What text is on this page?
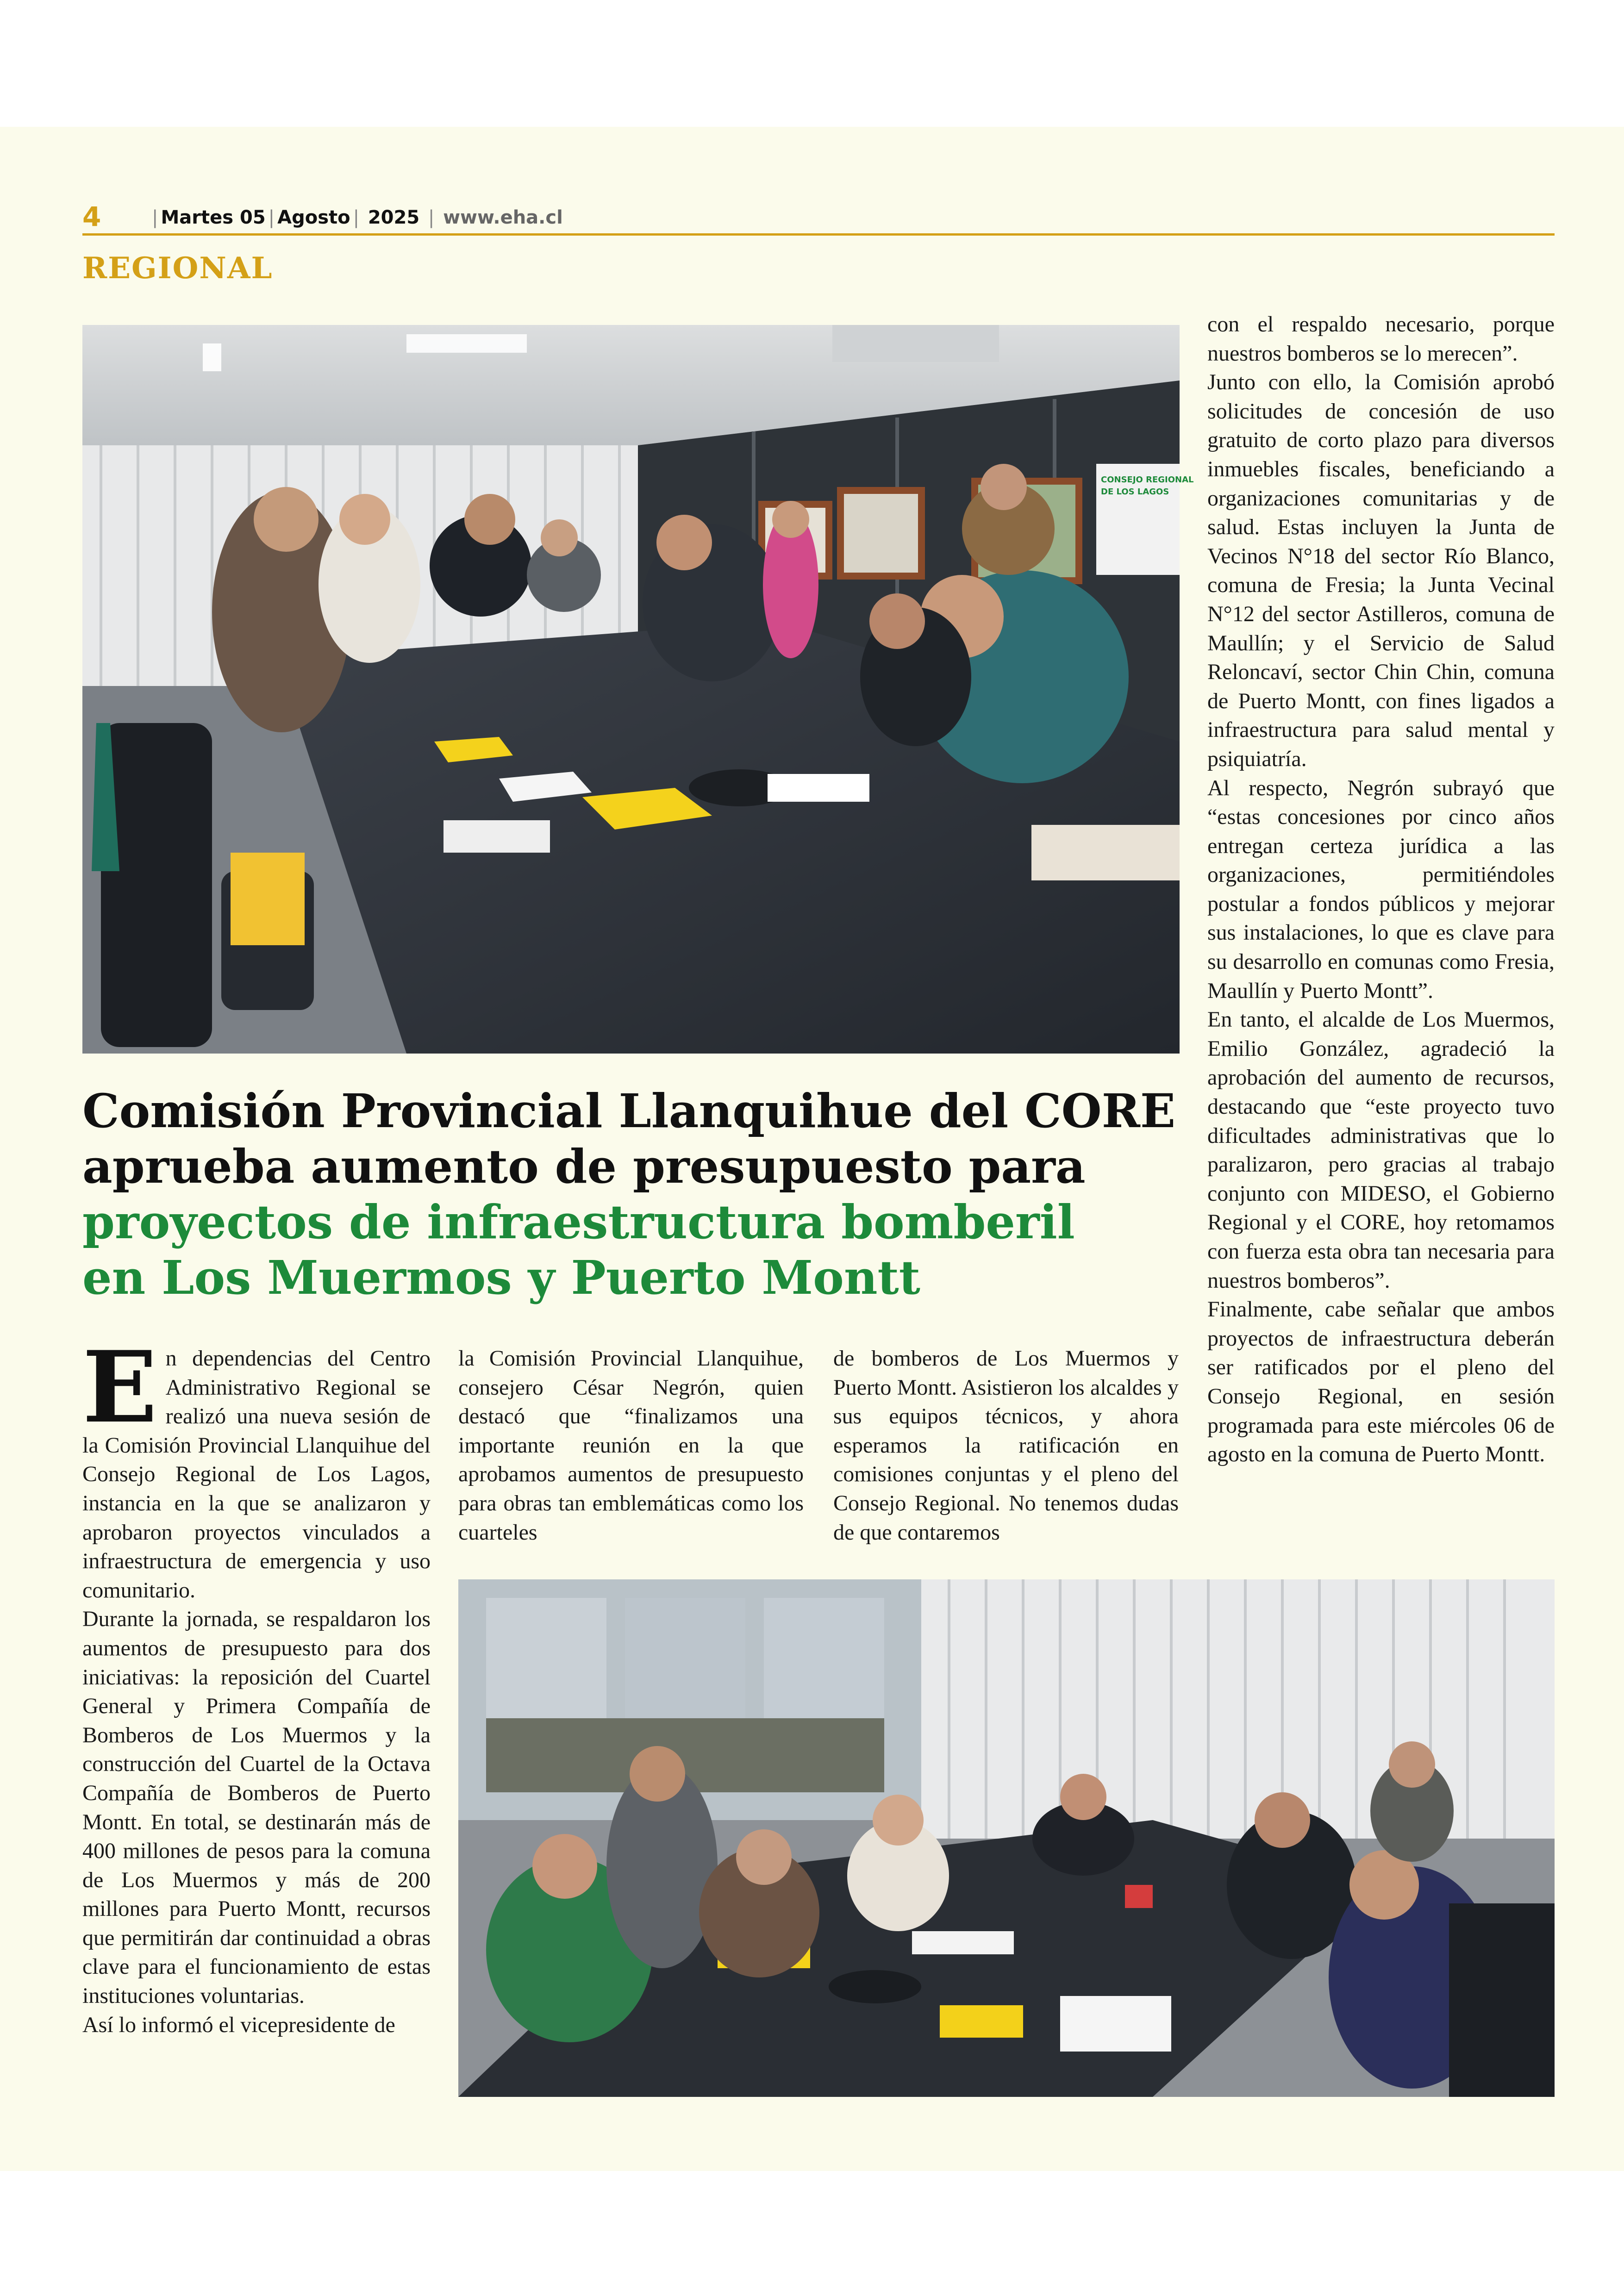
4	| Martes 05 | Agosto | 2025 | www.eha.cl
REGIONAL
CONSEJO REGIONAL
DE LOS LAGOS
Comisión Provincial Llanquihue del CORE
aprueba aumento de presupuesto para
proyectos de infraestructura bomberil
en Los Muermos y Puerto Montt

En dependencias del Centro Administrativo Regional se realizó una nueva sesión de la Comisión Provincial Llanquihue del Consejo Regional de Los Lagos, instancia en la que se analizaron y aprobaron proyectos vinculados a infraestructura de emergencia y uso comunitario.

Durante la jornada, se respaldaron los aumentos de presupuesto para dos iniciativas: la reposición del Cuartel General y Primera Compañía de Bomberos de Los Muermos y la construcción del Cuartel de la Octava Compañía de Bomberos de Puerto Montt. En total, se destinarán más de 400 millones de pesos para la comuna de Los Muermos y más de 200 millones para Puerto Montt, recursos que permitirán dar continuidad a obras clave para el funcionamiento de estas instituciones voluntarias.

Así lo informó el vicepresidente de

la Comisión Provincial Llanquihue, consejero César Negrón, quien destacó que “finalizamos una importante reunión en la que aprobamos aumentos de presupuesto para obras tan emblemáticas como los cuarteles

de bomberos de Los Muermos y Puerto Montt. Asistieron los alcaldes y sus equipos técnicos, y ahora esperamos la ratificación en comisiones conjuntas y el pleno del Consejo Regional. No tenemos dudas de que contaremos

con el respaldo necesario, porque nuestros bomberos se lo merecen”.

Junto con ello, la Comisión aprobó solicitudes de concesión de uso gratuito de corto plazo para diversos inmuebles fiscales, beneficiando a organizaciones comunitarias y de salud. Estas incluyen la Junta de Vecinos N°18 del sector Río Blanco, comuna de Fresia; la Junta Vecinal N°12 del sector Astilleros, comuna de Maullín; y el Servicio de Salud Reloncaví, sector Chin Chin, comuna de Puerto Montt, con fines ligados a infraestructura para salud mental y psiquiatría.

Al respecto, Negrón subrayó que “estas concesiones por cinco años entregan certeza jurídica a las organizaciones, permitiéndoles postular a fondos públicos y mejorar sus instalaciones, lo que es clave para su desarrollo en comunas como Fresia, Maullín y Puerto Montt”.

En tanto, el alcalde de Los Muermos, Emilio González, agradeció la aprobación del aumento de recursos, destacando que “este proyecto tuvo dificultades administrativas que lo paralizaron, pero gracias al trabajo conjunto con MIDESO, el Gobierno Regional y el CORE, hoy retomamos con fuerza esta obra tan necesaria para nuestros bomberos”.

Finalmente, cabe señalar que ambos proyectos de infraestructura deberán ser ratificados por el pleno del Consejo Regional, en sesión programada para este miércoles 06 de agosto en la comuna de Puerto Montt.
